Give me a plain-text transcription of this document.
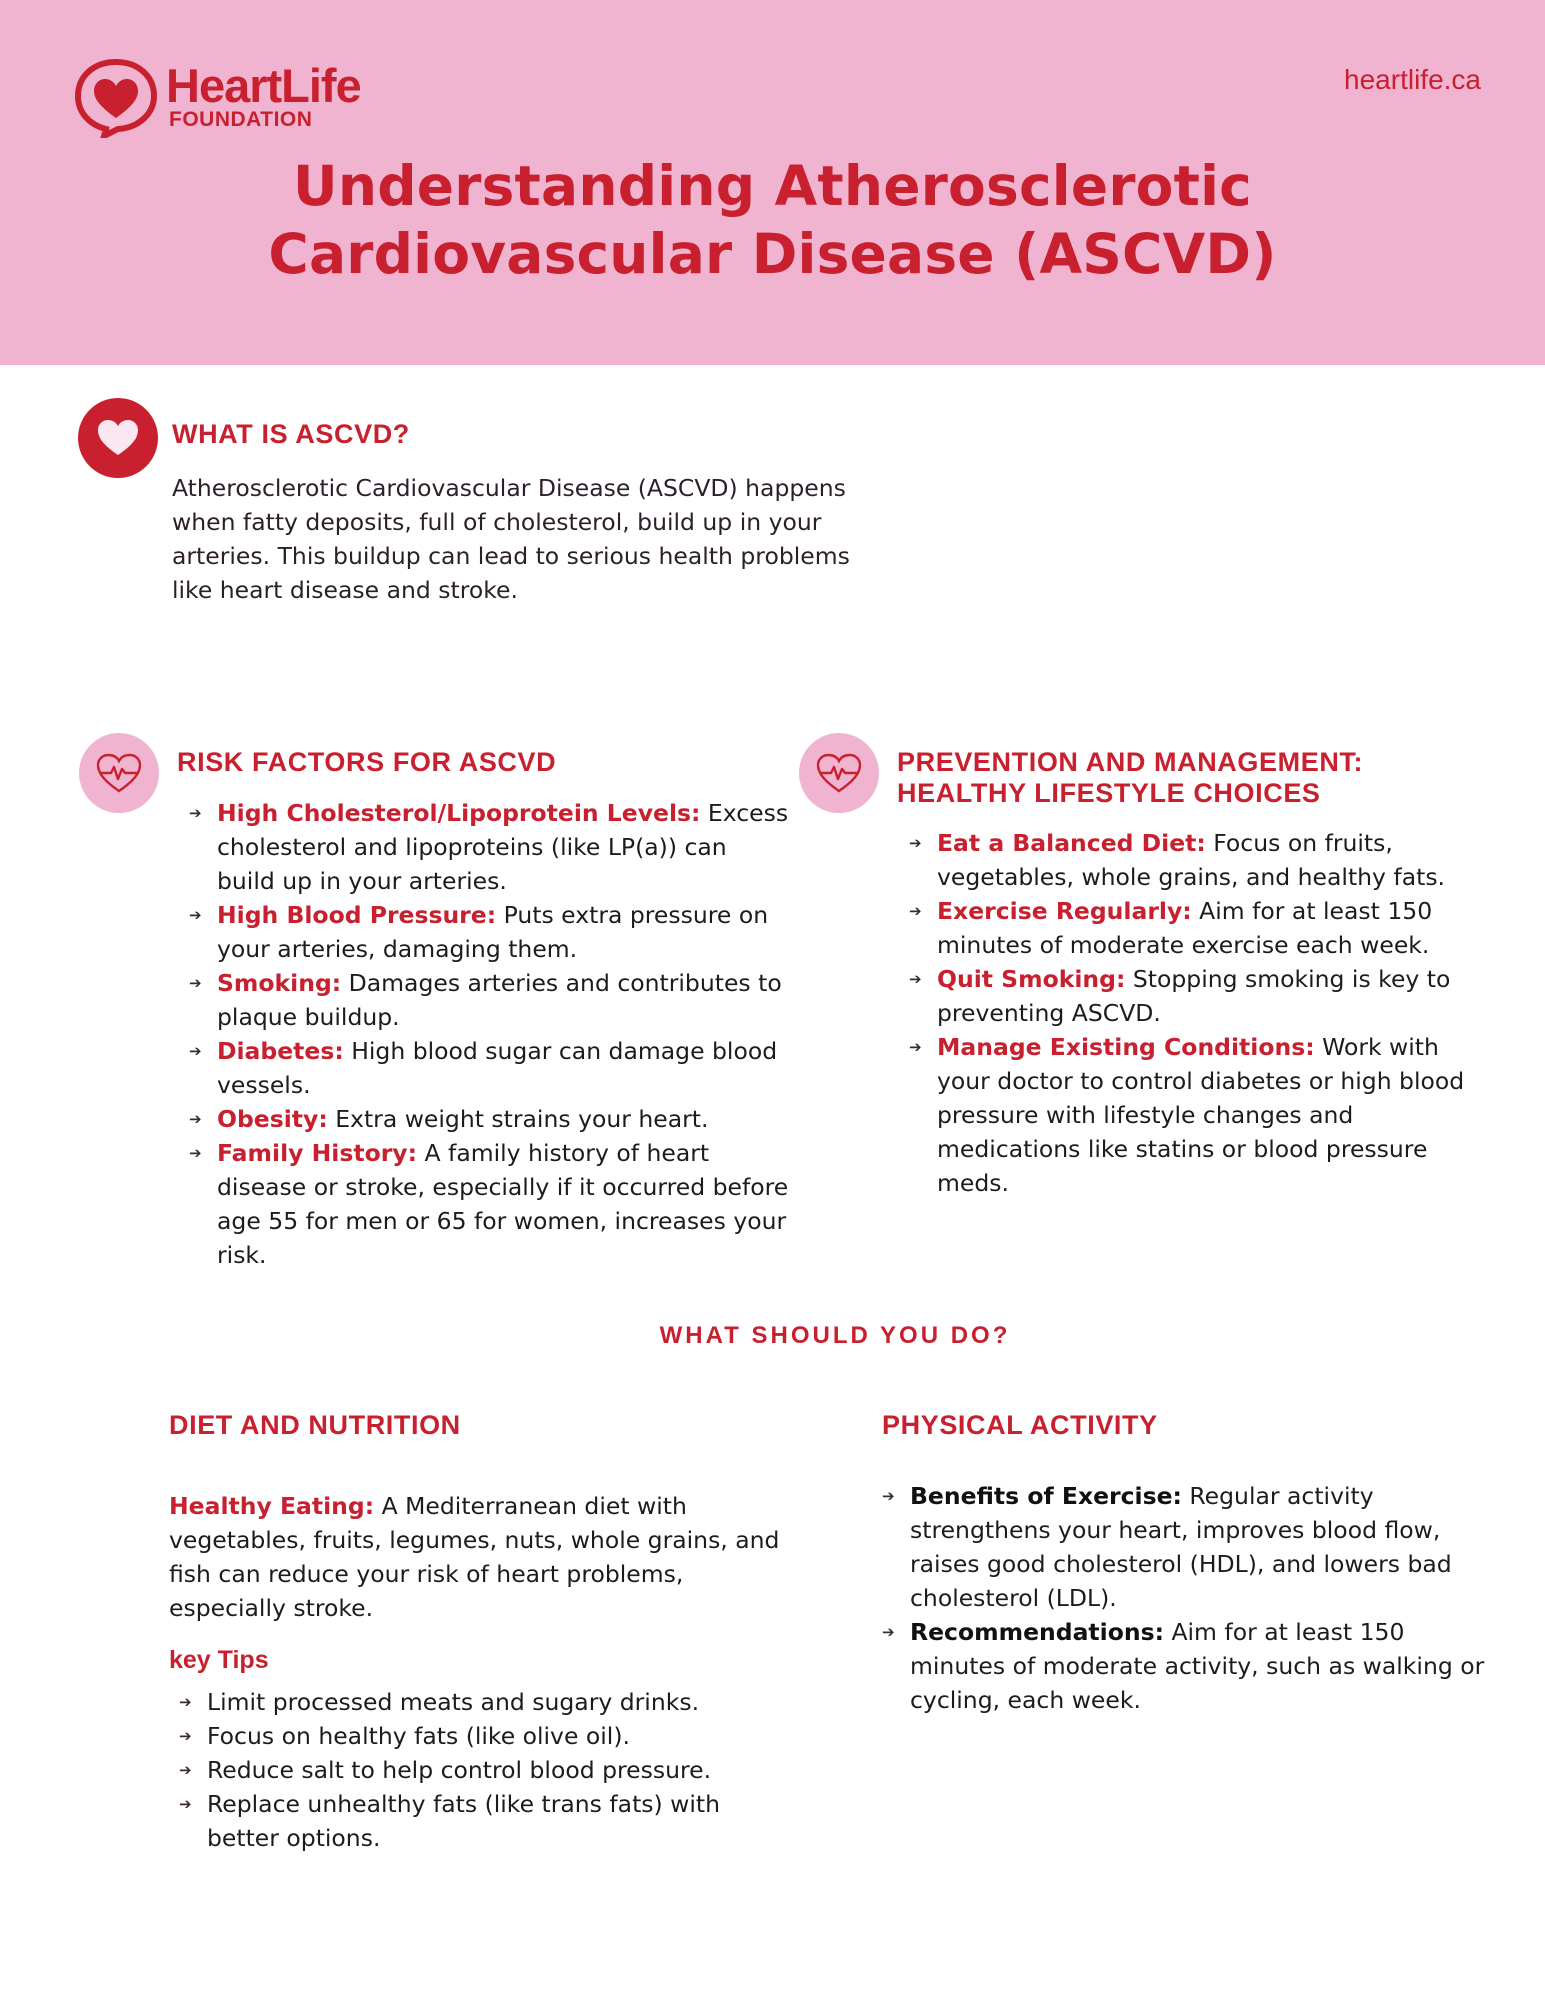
HeartLife
FOUNDATION
heartlife.ca
Understanding Atherosclerotic
Cardiovascular Disease (ASCVD)
WHAT IS ASCVD?
Atherosclerotic Cardiovascular Disease (ASCVD) happens when fatty deposits, full of cholesterol, build up in your arteries. This buildup can lead to serious health problems like heart disease and stroke.
RISK FACTORS FOR ASCVD
➔ High Cholesterol/Lipoprotein Levels: Excess cholesterol and lipoproteins (like LP(a)) can build up in your arteries.
➔ High Blood Pressure: Puts extra pressure on your arteries, damaging them.
➔ Smoking: Damages arteries and contributes to plaque buildup.
➔ Diabetes: High blood sugar can damage blood vessels.
➔ Obesity: Extra weight strains your heart.
➔ Family History: A family history of heart disease or stroke, especially if it occurred before age 55 for men or 65 for women, increases your risk.
PREVENTION AND MANAGEMENT:
HEALTHY LIFESTYLE CHOICES
➔ Eat a Balanced Diet: Focus on fruits, vegetables, whole grains, and healthy fats.
➔ Exercise Regularly: Aim for at least 150 minutes of moderate exercise each week.
➔ Quit Smoking: Stopping smoking is key to preventing ASCVD.
➔ Manage Existing Conditions: Work with your doctor to control diabetes or high blood pressure with lifestyle changes and medications like statins or blood pressure meds.
WHAT SHOULD YOU DO?
DIET AND NUTRITION
Healthy Eating: A Mediterranean diet with vegetables, fruits, legumes, nuts, whole grains, and fish can reduce your risk of heart problems, especially stroke.
key Tips
➔ Limit processed meats and sugary drinks.
➔ Focus on healthy fats (like olive oil).
➔ Reduce salt to help control blood pressure.
➔ Replace unhealthy fats (like trans fats) with better options.
PHYSICAL ACTIVITY
➔ Benefits of Exercise: Regular activity strengthens your heart, improves blood flow, raises good cholesterol (HDL), and lowers bad cholesterol (LDL).
➔ Recommendations: Aim for at least 150 minutes of moderate activity, such as walking or cycling, each week.
